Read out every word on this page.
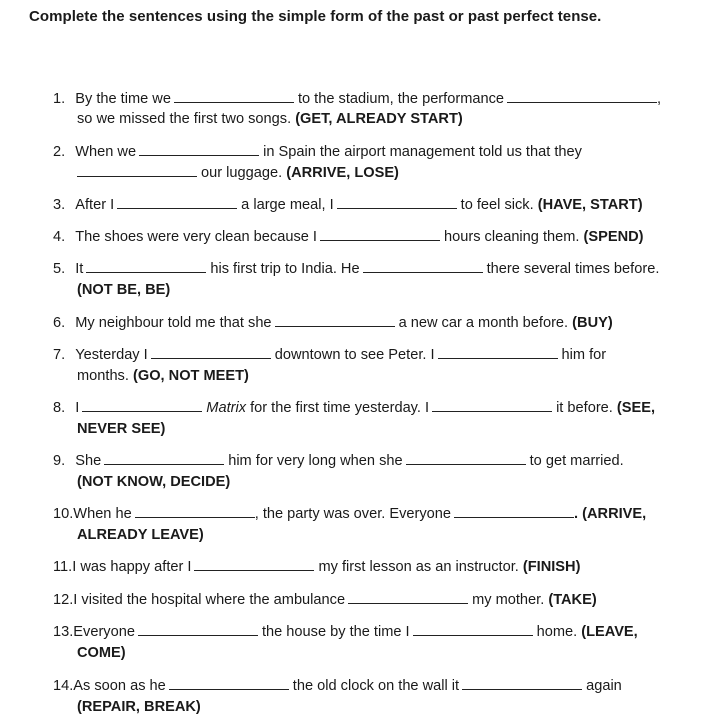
Complete the sentences using the simple form of the past or past perfect tense.
1. By the time we	to the stadium, the performance	,
so we missed the first two songs. (GET, ALREADY START)
2. When we	in Spain the airport management told us that they
our luggage. (ARRIVE, LOSE)
3. After I	a large meal, I	to feel sick. (HAVE, START)
4. The shoes were very clean because I	hours cleaning them. (SPEND)
5. It	his first trip to India. He	there several times before.
(NOT BE, BE)
6. My neighbour told me that she	a new car a month before. (BUY)
7. Yesterday I	downtown to see Peter. I	him for
months. (GO, NOT MEET)
8. I	Matrix for the first time yesterday. I	it before. (SEE,
NEVER SEE)
9. She	him for very long when she	to get married.
(NOT KNOW, DECIDE)
10.When he	, the party was over. Everyone	. (ARRIVE,
ALREADY LEAVE)
11.I was happy after I	my first lesson as an instructor. (FINISH)
12.I visited the hospital where the ambulance	my mother. (TAKE)
13.Everyone	the house by the time I	home. (LEAVE,
COME)
14.As soon as he	the old clock on the wall it	again
(REPAIR, BREAK)
